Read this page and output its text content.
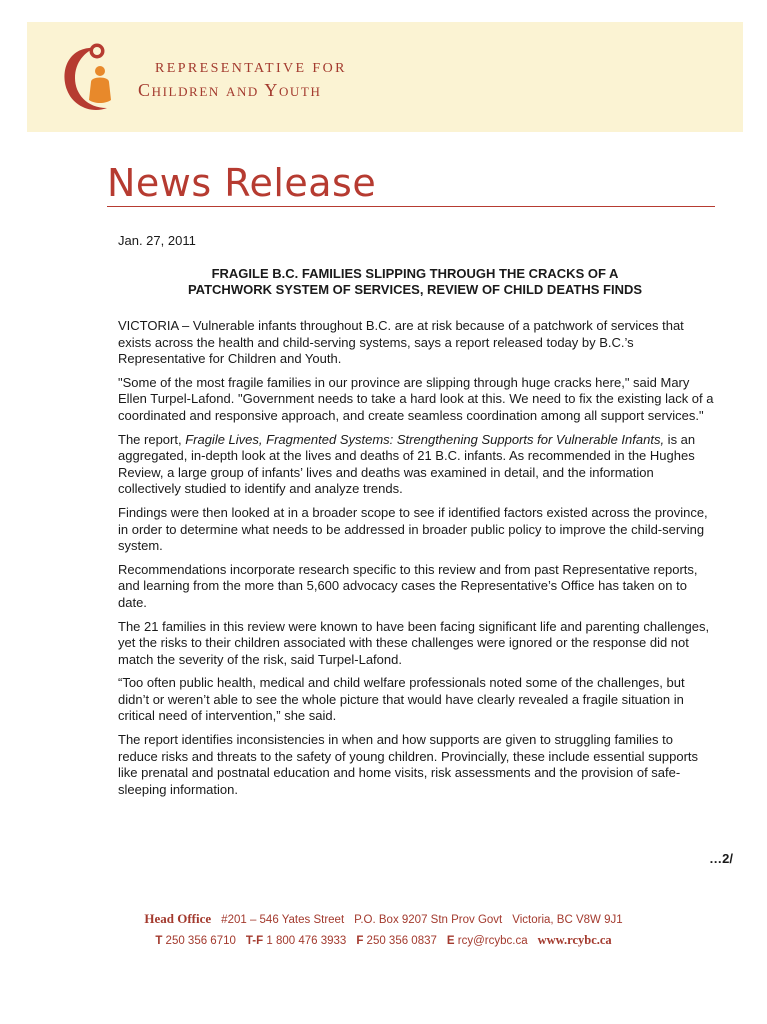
REPRESENTATIVE FOR
Children and Youth
News Release
Jan. 27, 2011
FRAGILE B.C. FAMILIES SLIPPING THROUGH THE CRACKS OF A
PATCHWORK SYSTEM OF SERVICES, REVIEW OF CHILD DEATHS FINDS

VICTORIA – Vulnerable infants throughout B.C. are at risk because of a patchwork of services that exists across the health and child-serving systems, says a report released today by B.C.’s Representative for Children and Youth.

"Some of the most fragile families in our province are slipping through huge cracks here," said Mary Ellen Turpel-Lafond. "Government needs to take a hard look at this. We need to fix the existing lack of a coordinated and responsive approach, and create seamless coordination among all support services."

The report, Fragile Lives, Fragmented Systems: Strengthening Supports for Vulnerable Infants, is an aggregated, in-depth look at the lives and deaths of 21 B.C. infants. As recommended in the Hughes Review, a large group of infants’ lives and deaths was examined in detail, and the information collectively studied to identify and analyze trends.

Findings were then looked at in a broader scope to see if identified factors existed across the province, in order to determine what needs to be addressed in broader public policy to improve the child-serving system.

Recommendations incorporate research specific to this review and from past Representative reports, and learning from the more than 5,600 advocacy cases the Representative’s Office has taken on to date.

The 21 families in this review were known to have been facing significant life and parenting challenges, yet the risks to their children associated with these challenges were ignored or the response did not match the severity of the risk, said Turpel-Lafond.

“Too often public health, medical and child welfare professionals noted some of the challenges, but didn’t or weren’t able to see the whole picture that would have clearly revealed a fragile situation in critical need of intervention,” she said.

The report identifies inconsistencies in when and how supports are given to struggling families to reduce risks and threats to the safety of young children. Provincially, these include essential supports like prenatal and postnatal education and home visits, risk assessments and the provision of safe-sleeping information.

…2/
Head Office #201 – 546 Yates Street P.O. Box 9207 Stn Prov Govt Victoria, BC V8W 9J1
T 250 356 6710 T-F 1 800 476 3933 F 250 356 0837 E rcy@rcybc.ca www.rcybc.ca
